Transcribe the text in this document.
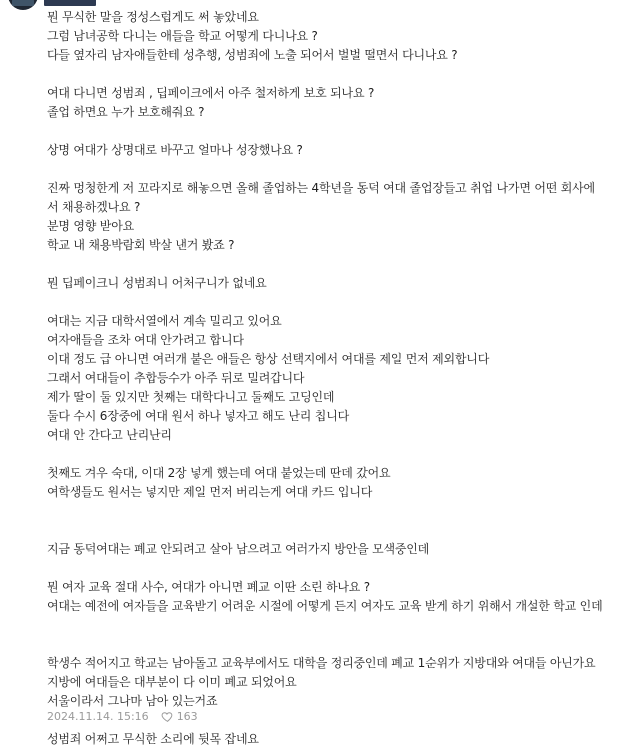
뭔 무식한 말을 정성스럽게도 써 놓았네요
그럼 남녀공학 다니는 애들을 학교 어떻게 다니나요 ?
다들 옆자리 남자애들한테 성추행, 성범죄에 노출 되어서 벌벌 떨면서 다니나요 ?
여대 다니면 성범죄 , 딥페이크에서 아주 철저하게 보호 되나요 ?
졸업 하면요 누가 보호해줘요 ?
상명 여대가 상명대로 바꾸고 얼마나 성장했나요 ?
진짜 멍청한게 저 꼬라지로 해놓으면 올해 졸업하는 4학년을 동덕 여대 졸업장들고 취업 나가면 어떤 회사에
서 채용하겠나요 ?
분명 영향 받아요
학교 내 채용박람회 박살 낸거 봤죠 ?
뭔 딥페이크니 성범죄니 어처구니가 없네요
여대는 지금 대학서열에서 계속 밀리고 있어요
여자애들을 조차 여대 안가려고 합니다
이대 정도 급 아니면 여러개 붙은 애들은 항상 선택지에서 여대를 제일 먼저 제외합니다
그래서 여대들이 추합등수가 아주 뒤로 밀려갑니다
제가 딸이 둘 있지만 첫째는 대학다니고 둘째도 고딩인데
둘다 수시 6장중에 여대 원서 하나 넣자고 해도 난리 칩니다
여대 안 간다고 난리난리
첫째도 겨우 숙대, 이대 2장 넣게 했는데 여대 붙었는데 딴데 갔어요
여학생들도 원서는 넣지만 제일 먼저 버리는게 여대 카드 입니다
지금 동덕여대는 폐교 안되려고 살아 남으려고 여러가지 방안을 모색중인데
뭔 여자 교육 절대 사수, 여대가 아니면 폐교 이딴 소린 하나요 ?
여대는 예전에 여자들을 교육받기 어려운 시절에 어떻게 든지 여자도 교육 받게 하기 위해서 개설한 학교 인데
학생수 적어지고 학교는 남아돌고 교육부에서도 대학을 정리중인데 폐교 1순위가 지방대와 여대들 아닌가요
지방에 여대들은 대부분이 다 이미 폐교 되었어요
서울이라서 그나마 남아 있는거죠
성범죄 어쩌고 무식한 소리에 뒷목 잡네요
2024.11.14. 15:16	163
